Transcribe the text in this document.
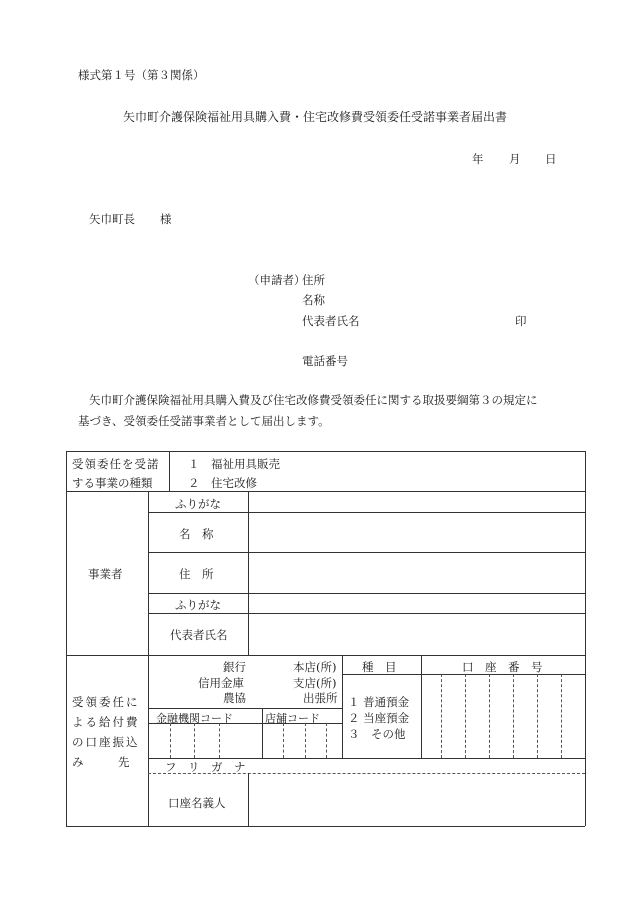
様式第１号（第３関係）
矢巾町介護保険福祉用具購入費・住宅改修費受領委任受諾事業者届出書
年 月 日
矢巾町長 様
（申請者）
住所
名称
代表者氏名	印
電話番号
矢巾町介護保険福祉用具購入費及び住宅改修費受領委任に関する取扱要綱第３の規定に
基づき、受領委任受諾事業者として届出します。
受領委任を受諾
する事業の種類
１　福祉用具販売
２　住宅改修
事業者
ふりがな
名　称
住　所
ふりがな
代表者氏名
受領委任に
よる給付費
の口座振込
み　　　先
銀行
信用金庫
農協
本店(所)
支店(所)
出張所
金融機関コード	店舗コード
種　目
１ 普通預金
２ 当座預金
３　その他
口　座　番　号
フ　リ　ガ　ナ
口座名義人
